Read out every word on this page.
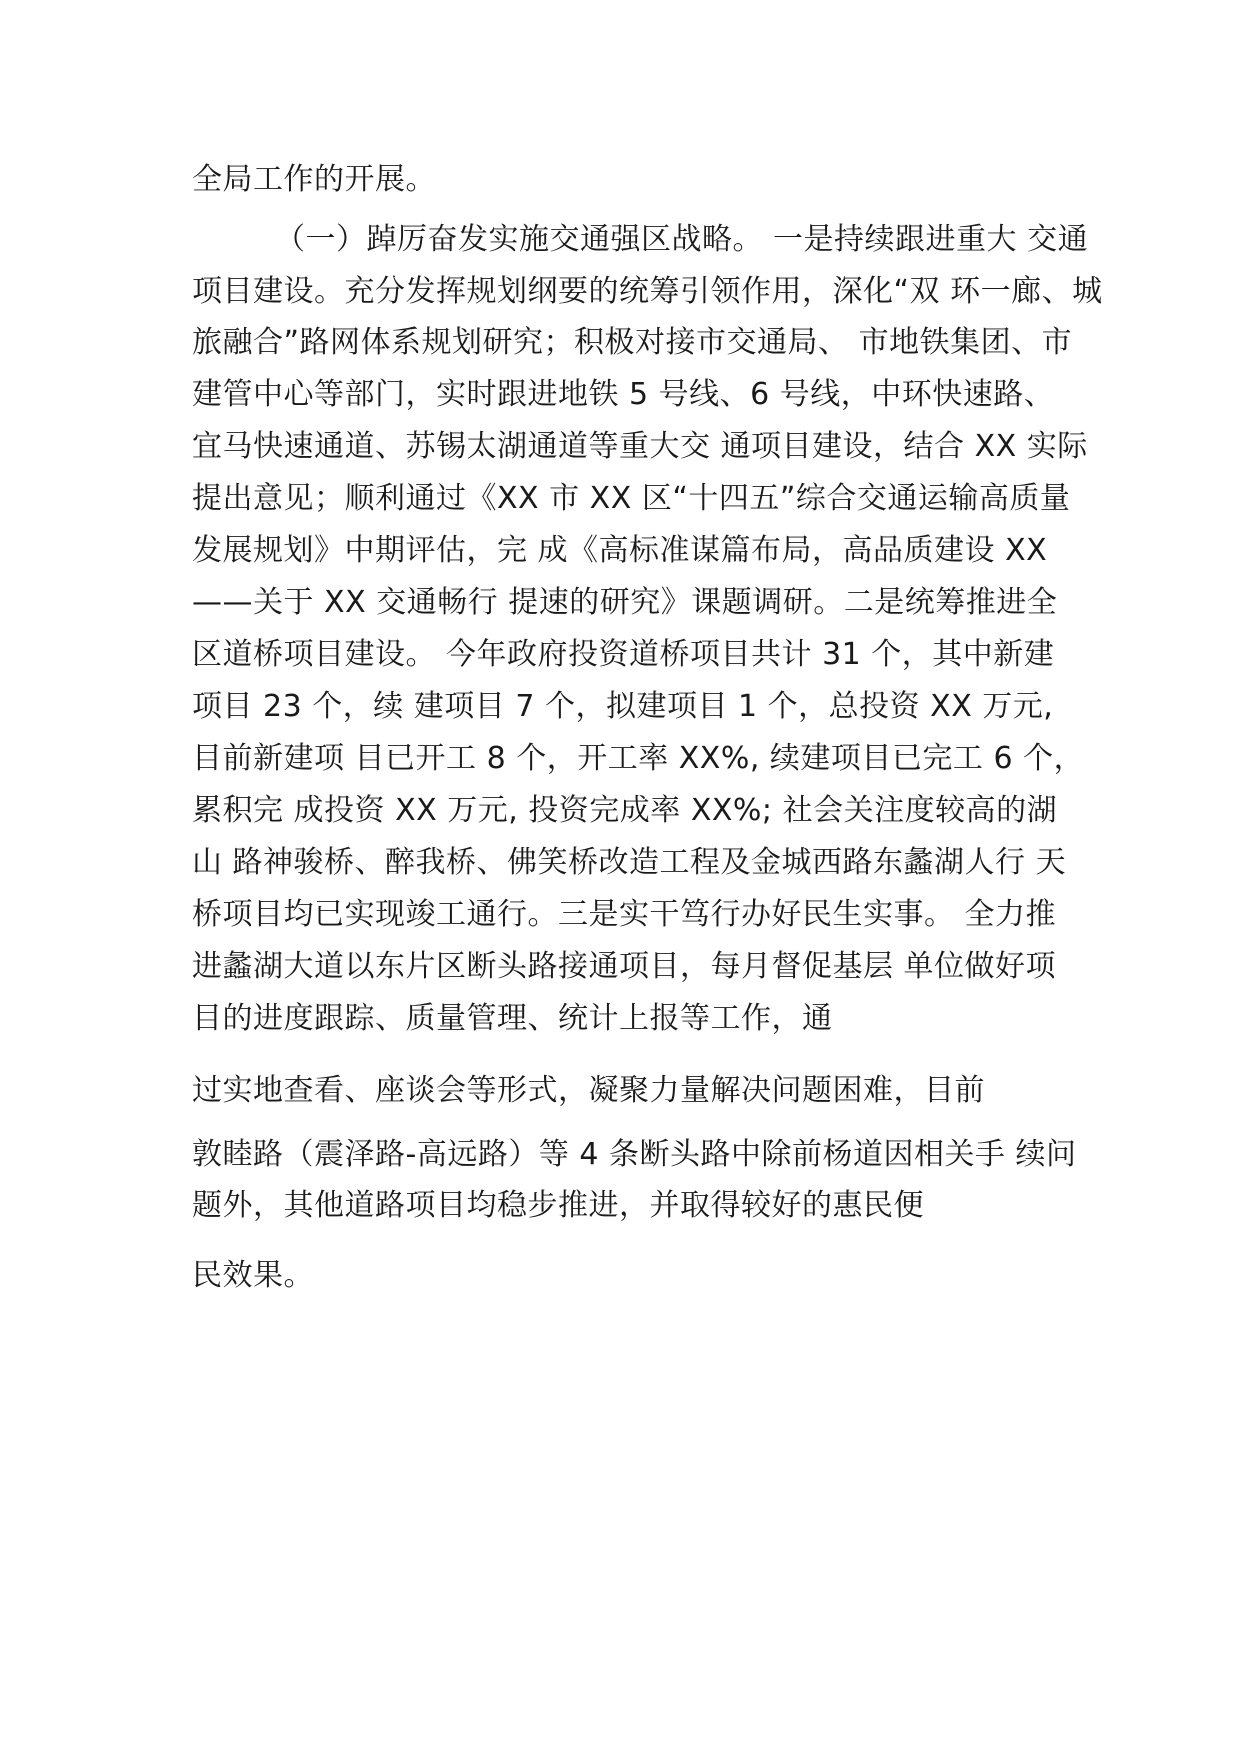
全局工作的开展。
（一）踔厉奋发实施交通强区战略。 一是持续跟进重大 交通
项目建设。充分发挥规划纲要的统筹引领作用，深化“双 环一廊、城
旅融合”路网体系规划研究；积极对接市交通局、 市地铁集团、市
建管中心等部门，实时跟进地铁 5 号线、6 号线，中环快速路、
宜马快速通道、苏锡太湖通道等重大交 通项目建设，结合 XX 实际
提出意见；顺利通过《XX 市 XX 区“十四五”综合交通运输高质量
发展规划》中期评估，完 成《高标准谋篇布局，高品质建设 XX
——关于 XX 交通畅行 提速的研究》课题调研。二是统筹推进全
区道桥项目建设。 今年政府投资道桥项目共计 31 个，其中新建
项目 23 个，续 建项目 7 个，拟建项目 1 个，总投资 XX 万元,
目前新建项 目已开工 8 个，开工率 XX%, 续建项目已完工 6 个，
累积完 成投资 XX 万元, 投资完成率 XX%; 社会关注度较高的湖
山 路神骏桥、醉我桥、佛笑桥改造工程及金城西路东蠡湖人行 天
桥项目均已实现竣工通行。三是实干笃行办好民生实事。 全力推
进蠡湖大道以东片区断头路接通项目，每月督促基层 单位做好项
目的进度跟踪、质量管理、统计上报等工作，通
过实地查看、座谈会等形式，凝聚力量解决问题困难，目前
敦睦路（震泽路-高远路）等 4 条断头路中除前杨道因相关手 续问
题外，其他道路项目均稳步推进，并取得较好的惠民便
民效果。
